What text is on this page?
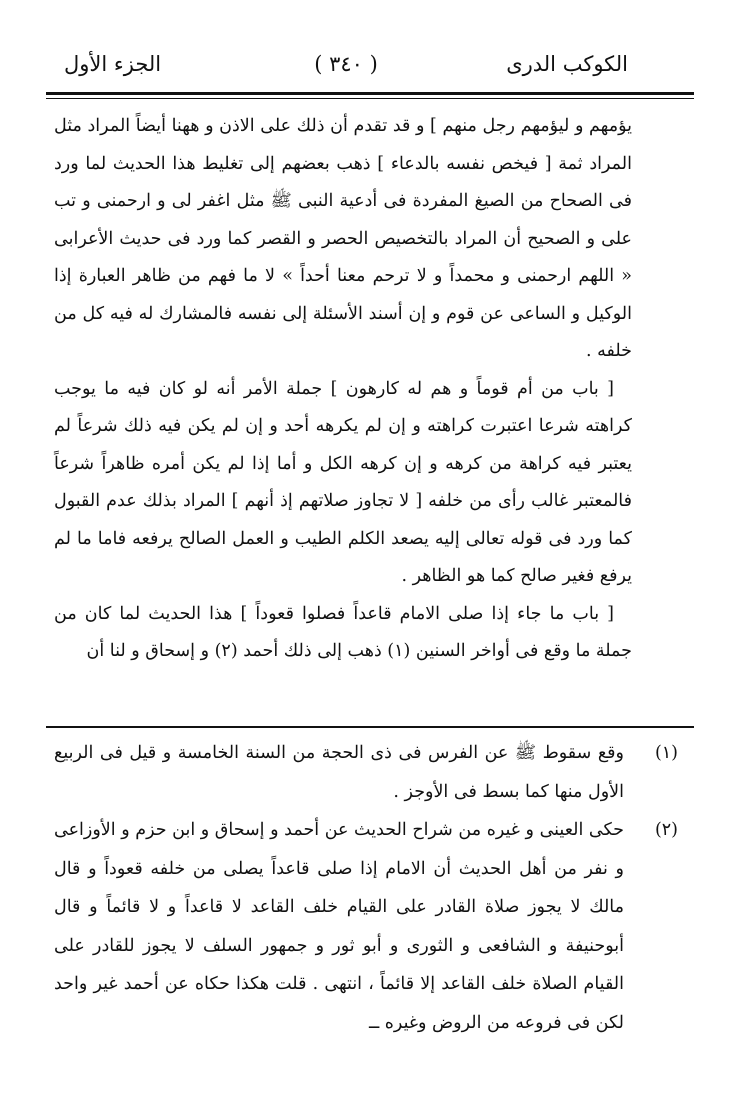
الكوكب الدرى
( ٣٤٠ )
الجزء الأول

يؤمهم و ليؤمهم رجل منهم ] و قد تقدم أن ذلك على الاذن و ههنا أيضاً المراد مثل المراد ثمة [ فيخص نفسه بالدعاء ] ذهب بعضهم إلى تغليط هذا الحديث لما ورد فى الصحاح من الصيغ المفردة فى أدعية النبى ﷺ مثل اغفر لى و ارحمنى و تب على و الصحيح أن المراد بالتخصيص الحصر و القصر كما ورد فى حديث الأعرابى « اللهم ارحمنى و محمداً و لا ترحم معنا أحداً » لا ما فهم من ظاهر العبارة إذا الوكيل و الساعى عن قوم و إن أسند الأسئلة إلى نفسه فالمشارك له فيه كل من خلفه .

[ باب من أم قوماً و هم له كارهون ] جملة الأمر أنه لو كان فيه ما يوجب كراهته شرعا اعتبرت كراهته و إن لم يكرهه أحد و إن لم يكن فيه ذلك شرعاً لم يعتبر فيه كراهة من كرهه و إن كرهه الكل و أما إذا لم يكن أمره ظاهراً شرعاً فالمعتبر غالب رأى من خلفه [ لا تجاوز صلاتهم إذ أنهم ] المراد بذلك عدم القبول كما ورد فى قوله تعالى إليه يصعد الكلم الطيب و العمل الصالح يرفعه فاما ما لم يرفع فغير صالح كما هو الظاهر .

[ باب ما جاء إذا صلى الامام قاعداً فصلوا قعوداً ] هذا الحديث لما كان من جملة ما وقع فى أواخر السنين (١) ذهب إلى ذلك أحمد (٢) و إسحاق و لنا أن

(١)
وقع سقوط ﷺ عن الفرس فى ذى الحجة من السنة الخامسة و قيل فى الربيع الأول منها كما بسط فى الأوجز .
(٢)
حكى العينى و غيره من شراح الحديث عن أحمد و إسحاق و ابن حزم و الأوزاعى و نفر من أهل الحديث أن الامام إذا صلى قاعداً يصلى من خلفه قعوداً و قال مالك لا يجوز صلاة القادر على القيام خلف القاعد لا قاعداً و لا قائماً و قال أبوحنيفة و الشافعى و الثورى و أبو ثور و جمهور السلف لا يجوز للقادر على القيام الصلاة خلف القاعد إلا قائماً ، انتهى . قلت هكذا حكاه عن أحمد غير واحد لكن فى فروعه من الروض وغيره ــ
